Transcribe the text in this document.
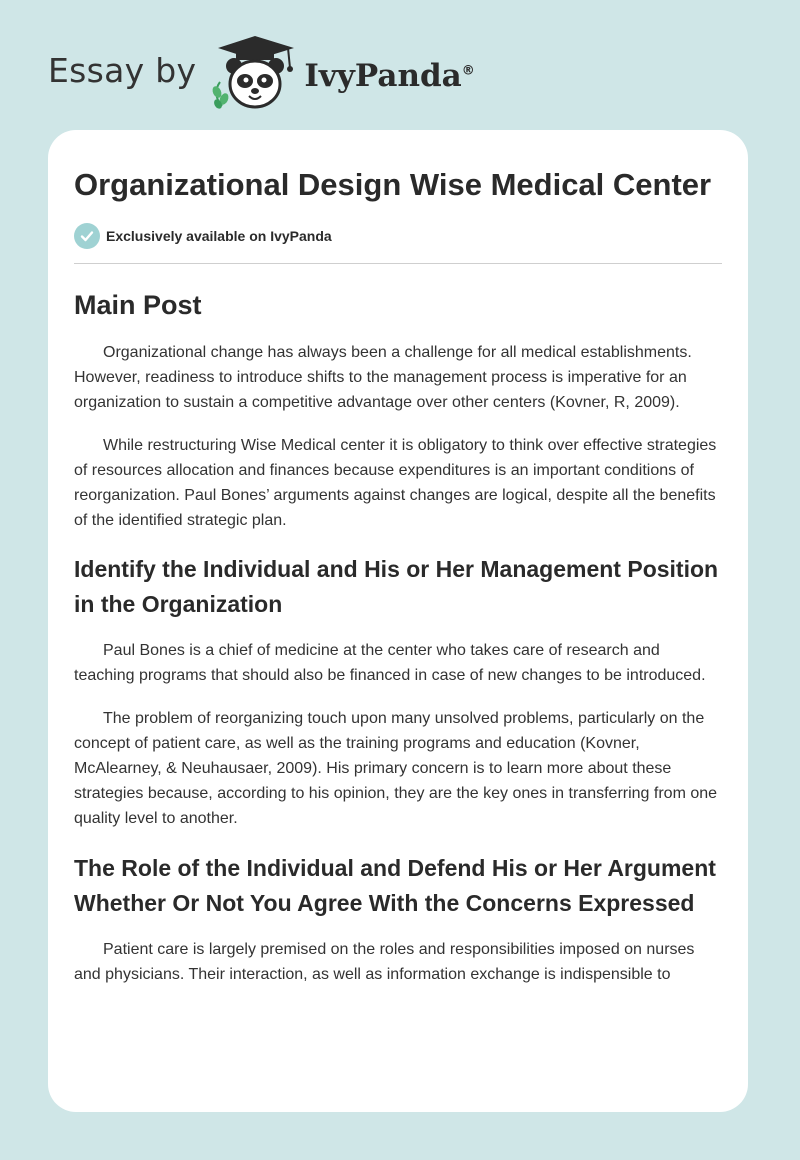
Essay by	IvyPanda®
Organizational Design Wise Medical Center
Exclusively available on IvyPanda
Main Post

Organizational change has always been a challenge for all medical establishments. However, readiness to introduce shifts to the management process is imperative for an organization to sustain a competitive advantage over other centers (Kovner, R, 2009).

While restructuring Wise Medical center it is obligatory to think over effective strategies of resources allocation and finances because expenditures is an important conditions of reorganization. Paul Bones’ arguments against changes are logical, despite all the benefits of the identified strategic plan.

Identify the Individual and His or Her Management Position in the Organization

Paul Bones is a chief of medicine at the center who takes care of research and teaching programs that should also be financed in case of new changes to be introduced.

The problem of reorganizing touch upon many unsolved problems, particularly on the concept of patient care, as well as the training programs and education (Kovner, McAlearney, & Neuhausaer, 2009). His primary concern is to learn more about these strategies because, according to his opinion, they are the key ones in transferring from one quality level to another.

The Role of the Individual and Defend His or Her Argument Whether Or Not You Agree With the Concerns Expressed

Patient care is largely premised on the roles and responsibilities imposed on nurses and physicians. Their interaction, as well as information exchange is indispensible to
